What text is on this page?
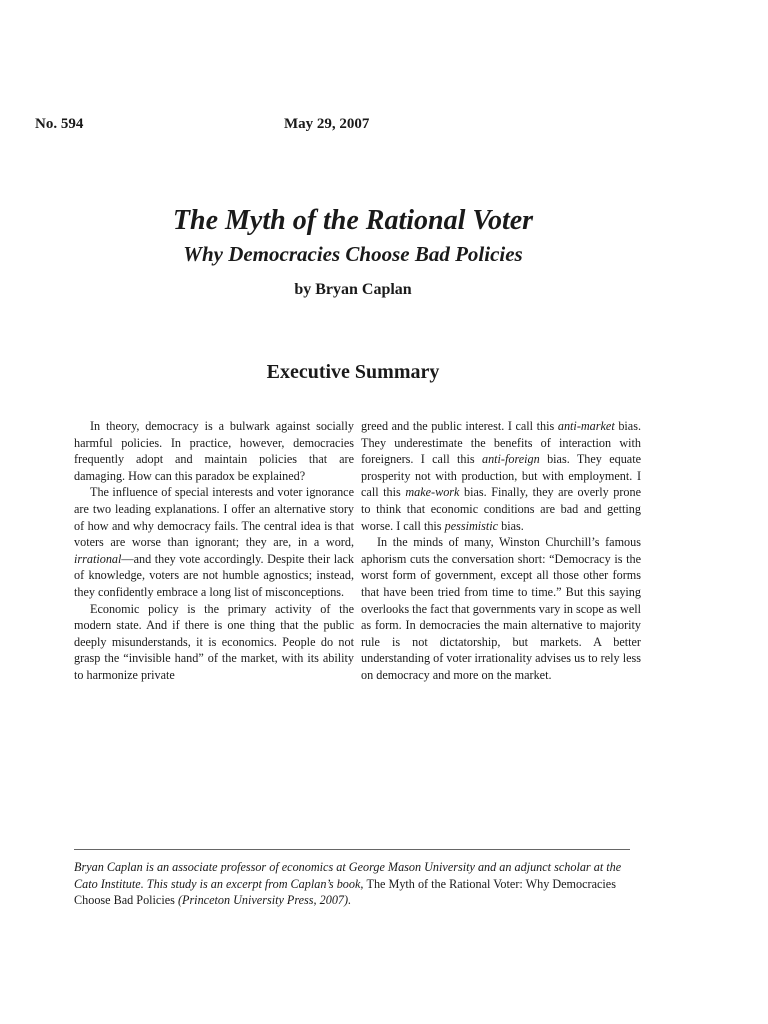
No. 594	May 29, 2007
The Myth of the Rational Voter
Why Democracies Choose Bad Policies
by Bryan Caplan
Executive Summary

In theory, democracy is a bulwark against socially harmful policies. In practice, however, democracies frequently adopt and maintain policies that are damaging. How can this paradox be explained?

The influence of special interests and voter ignorance are two leading explanations. I offer an alternative story of how and why democracy fails. The central idea is that voters are worse than ignorant; they are, in a word, irrational—and they vote accordingly. Despite their lack of knowledge, voters are not humble agnostics; instead, they confidently embrace a long list of misconceptions.

Economic policy is the primary activity of the modern state. And if there is one thing that the public deeply misunderstands, it is economics. People do not grasp the “invisible hand” of the market, with its ability to harmonize private

greed and the public interest. I call this anti-market bias. They underestimate the benefits of interaction with foreigners. I call this anti-foreign bias. They equate prosperity not with production, but with employment. I call this make-work bias. Finally, they are overly prone to think that economic conditions are bad and getting worse. I call this pessimistic bias.

In the minds of many, Winston Churchill’s famous aphorism cuts the conversation short: “Democracy is the worst form of government, except all those other forms that have been tried from time to time.” But this saying overlooks the fact that governments vary in scope as well as form. In democracies the main alternative to majority rule is not dictatorship, but markets. A better understanding of voter irrationality advises us to rely less on democracy and more on the market.

Bryan Caplan is an associate professor of economics at George Mason University and an adjunct scholar at the Cato Institute. This study is an excerpt from Caplan’s book, The Myth of the Rational Voter: Why Democracies Choose Bad Policies (Princeton University Press, 2007).
